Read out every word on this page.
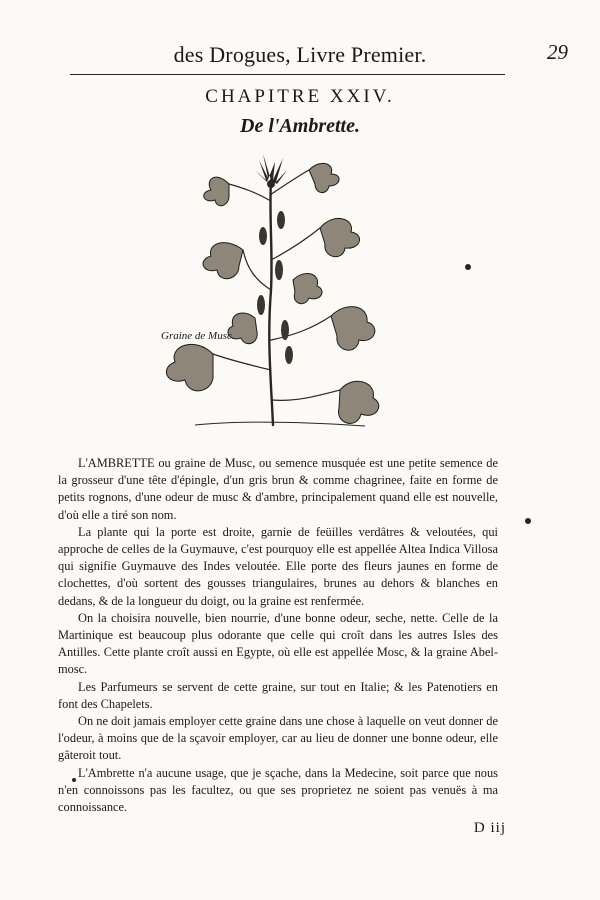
des Drogues, Livre Premier.	29
CHAPITRE XXIV.
De l'Ambrette.
Graine de Musc.

L'AMBRETTE ou graine de Musc, ou semence musquée est une petite semence de la grosseur d'une tête d'épingle, d'un gris brun & comme chagrinee, faite en forme de petits rognons, d'une odeur de musc & d'ambre, principalement quand elle est nouvelle, d'où elle a tiré son nom.

La plante qui la porte est droite, garnie de feüilles verdâtres & veloutées, qui approche de celles de la Guymauve, c'est pourquoy elle est appellée Altea Indica Villosa qui signifie Guymauve des Indes veloutée. Elle porte des fleurs jaunes en forme de clochettes, d'où sortent des gousses triangulaires, brunes au dehors & blanches en dedans, & de la longueur du doigt, ou la graine est renfermée.

On la choisira nouvelle, bien nourrie, d'une bonne odeur, seche, nette. Celle de la Martinique est beaucoup plus odorante que celle qui croît dans les autres Isles des Antilles. Cette plante croît aussi en Egypte, où elle est appellée Mosc, & la graine Abel-mosc.

Les Parfumeurs se servent de cette graine, sur tout en Italie; & les Patenotiers en font des Chapelets.

On ne doit jamais employer cette graine dans une chose à laquelle on veut donner de l'odeur, à moins que de la sçavoir employer, car au lieu de donner une bonne odeur, elle gâteroit tout.

L'Ambrette n'a aucune usage, que je sçache, dans la Medecine, soit parce que nous n'en connoissons pas les facultez, ou que ses proprietez ne soient pas venuës à ma connoissance.

D iij
